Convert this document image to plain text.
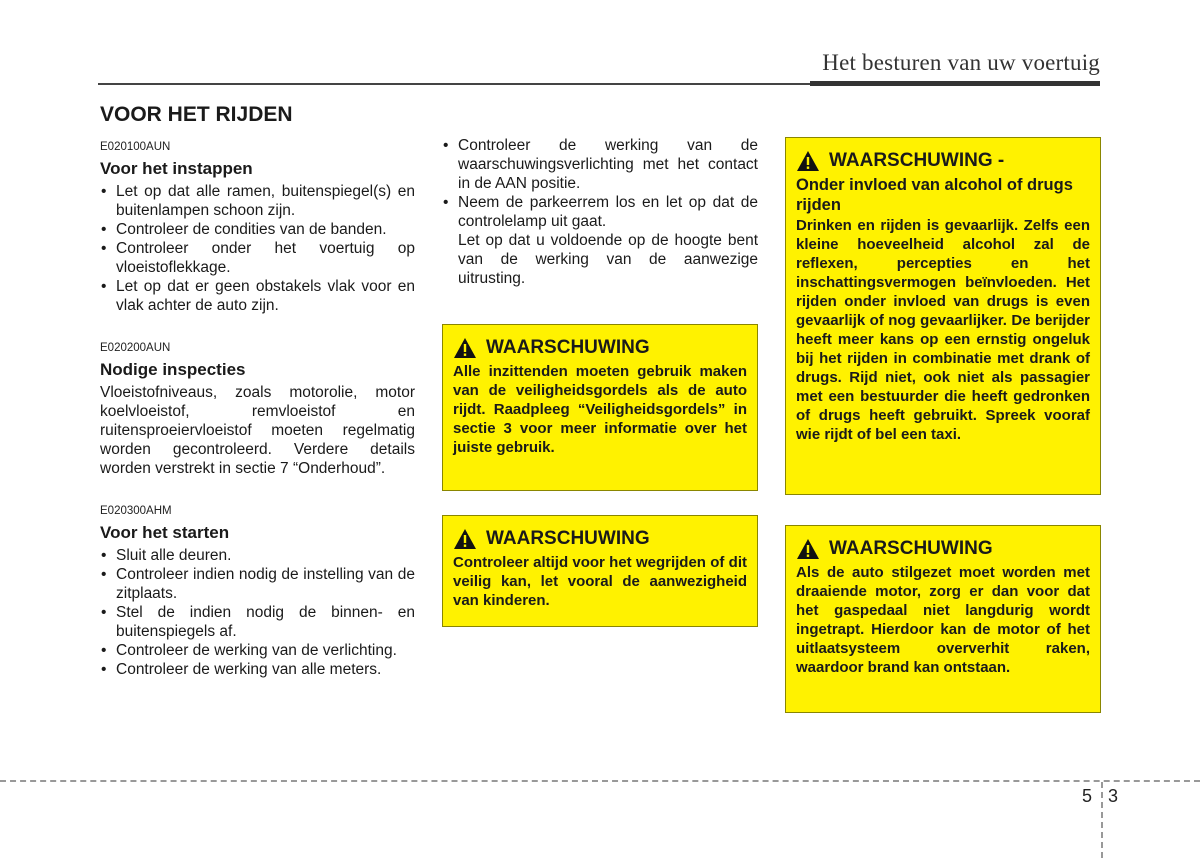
Het besturen van uw voertuig
VOOR HET RIJDEN
E020100AUN
Voor het instappen
• Let op dat alle ramen, buitenspiegel(s) en buitenlampen schoon zijn.
• Controleer de condities van de banden.
• Controleer onder het voertuig op vloeistoflekkage.
• Let op dat er geen obstakels vlak voor en vlak achter de auto zijn.
E020200AUN
Nodige inspecties

Vloeistofniveaus, zoals motorolie, motor koelvloeistof, remvloeistof en ruitensproeiervloeistof moeten regelmatig worden gecontroleerd. Verdere details worden verstrekt in sectie 7 “Onderhoud”.

E020300AHM
Voor het starten
• Sluit alle deuren.
• Controleer indien nodig de instelling van de zitplaats.
• Stel de indien nodig de binnen- en buitenspiegels af.
• Controleer de werking van de verlichting.
• Controleer de werking van alle meters.
• Controleer de werking van de waarschuwingsverlichting met het contact in de AAN positie.
• Neem de parkeerrem los en let op dat de controlelamp uit gaat.

Let op dat u voldoende op de hoogte bent van de werking van de aanwezige uitrusting.

WAARSCHUWING

Alle inzittenden moeten gebruik maken van de veiligheidsgordels als de auto rijdt. Raadpleeg “Veiligheidsgordels” in sectie 3 voor meer informatie over het juiste gebruik.

WAARSCHUWING

Controleer altijd voor het wegrijden of dit veilig kan, let vooral de aanwezigheid van kinderen.

WAARSCHUWING -

Onder invloed van alcohol of drugs rijden

Drinken en rijden is gevaarlijk. Zelfs een kleine hoeveelheid alcohol zal de reflexen, percepties en het inschattingsvermogen beïnvloeden. Het rijden onder invloed van drugs is even gevaarlijk of nog gevaarlijker. De berijder heeft meer kans op een ernstig ongeluk bij het rijden in combinatie met drank of drugs. Rijd niet, ook niet als passagier met een bestuurder die heeft gedronken of drugs heeft gebruikt. Spreek vooraf wie rijdt of bel een taxi.

WAARSCHUWING

Als de auto stilgezet moet worden met draaiende motor, zorg er dan voor dat het gaspedaal niet langdurig wordt ingetrapt. Hierdoor kan de motor of het uitlaatsysteem oververhit raken, waardoor brand kan ontstaan.

5 3
